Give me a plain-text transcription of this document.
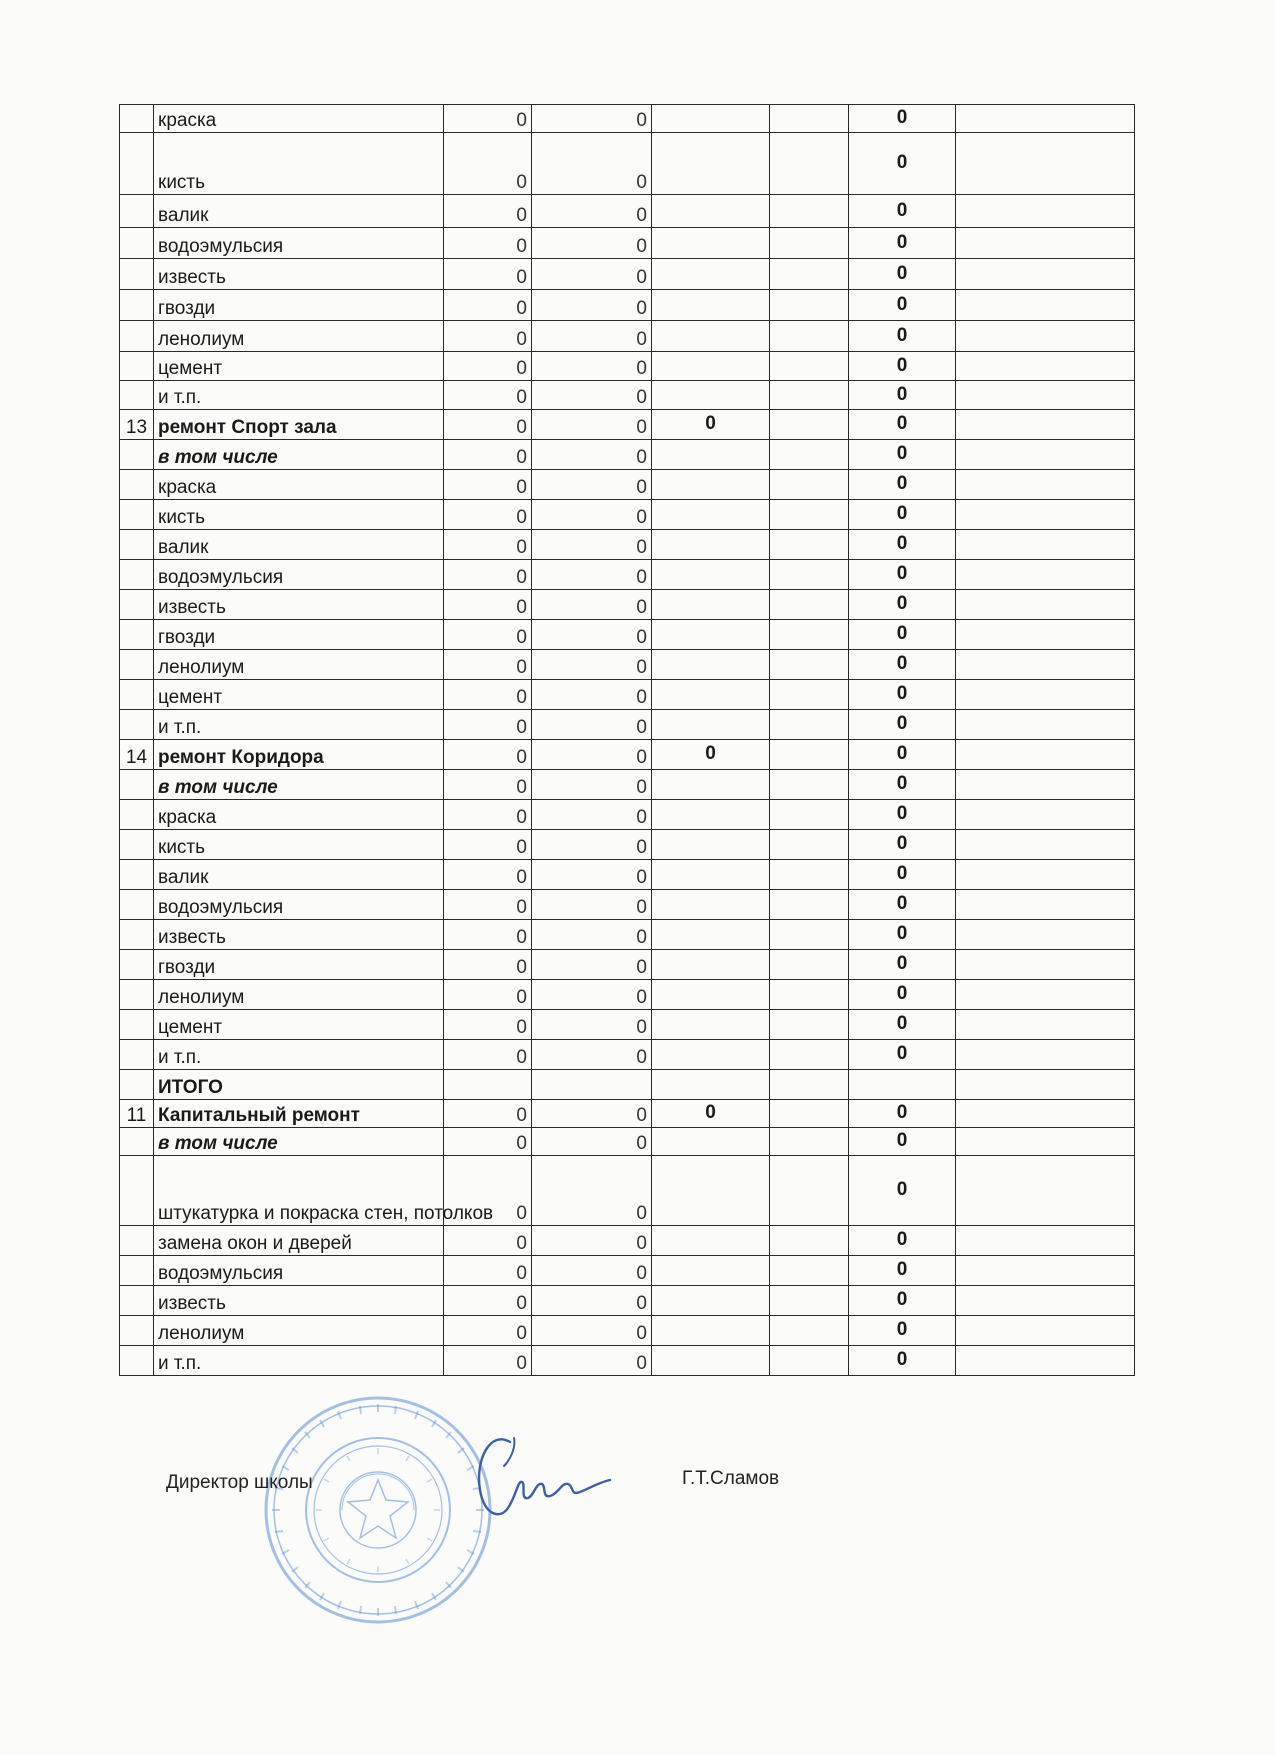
	краска	0	0			0	
	кисть	0	0			0	
	валик	0	0			0	
	водоэмульсия	0	0			0	
	известь	0	0			0	
	гвозди	0	0			0	
	ленолиум	0	0			0	
	цемент	0	0			0	
	и т.п.	0	0			0	
13	ремонт Спорт зала	0	0	0		0	
	в том числе	0	0			0	
	краска	0	0			0	
	кисть	0	0			0	
	валик	0	0			0	
	водоэмульсия	0	0			0	
	известь	0	0			0	
	гвозди	0	0			0	
	ленолиум	0	0			0	
	цемент	0	0			0	
	и т.п.	0	0			0	
14	ремонт Коридора	0	0	0		0	
	в том числе	0	0			0	
	краска	0	0			0	
	кисть	0	0			0	
	валик	0	0			0	
	водоэмульсия	0	0			0	
	известь	0	0			0	
	гвозди	0	0			0	
	ленолиум	0	0			0	
	цемент	0	0			0	
	и т.п.	0	0			0	
	ИТОГО						
11	Капитальный ремонт	0	0	0		0	
	в том числе	0	0			0	
	штукатурка и покраска стен, потолков	0	0			0	
	замена окон и дверей	0	0			0	
	водоэмульсия	0	0			0	
	известь	0	0			0	
	ленолиум	0	0			0	
	и т.п.	0	0			0	
Директор школы	Г.Т.Сламов
